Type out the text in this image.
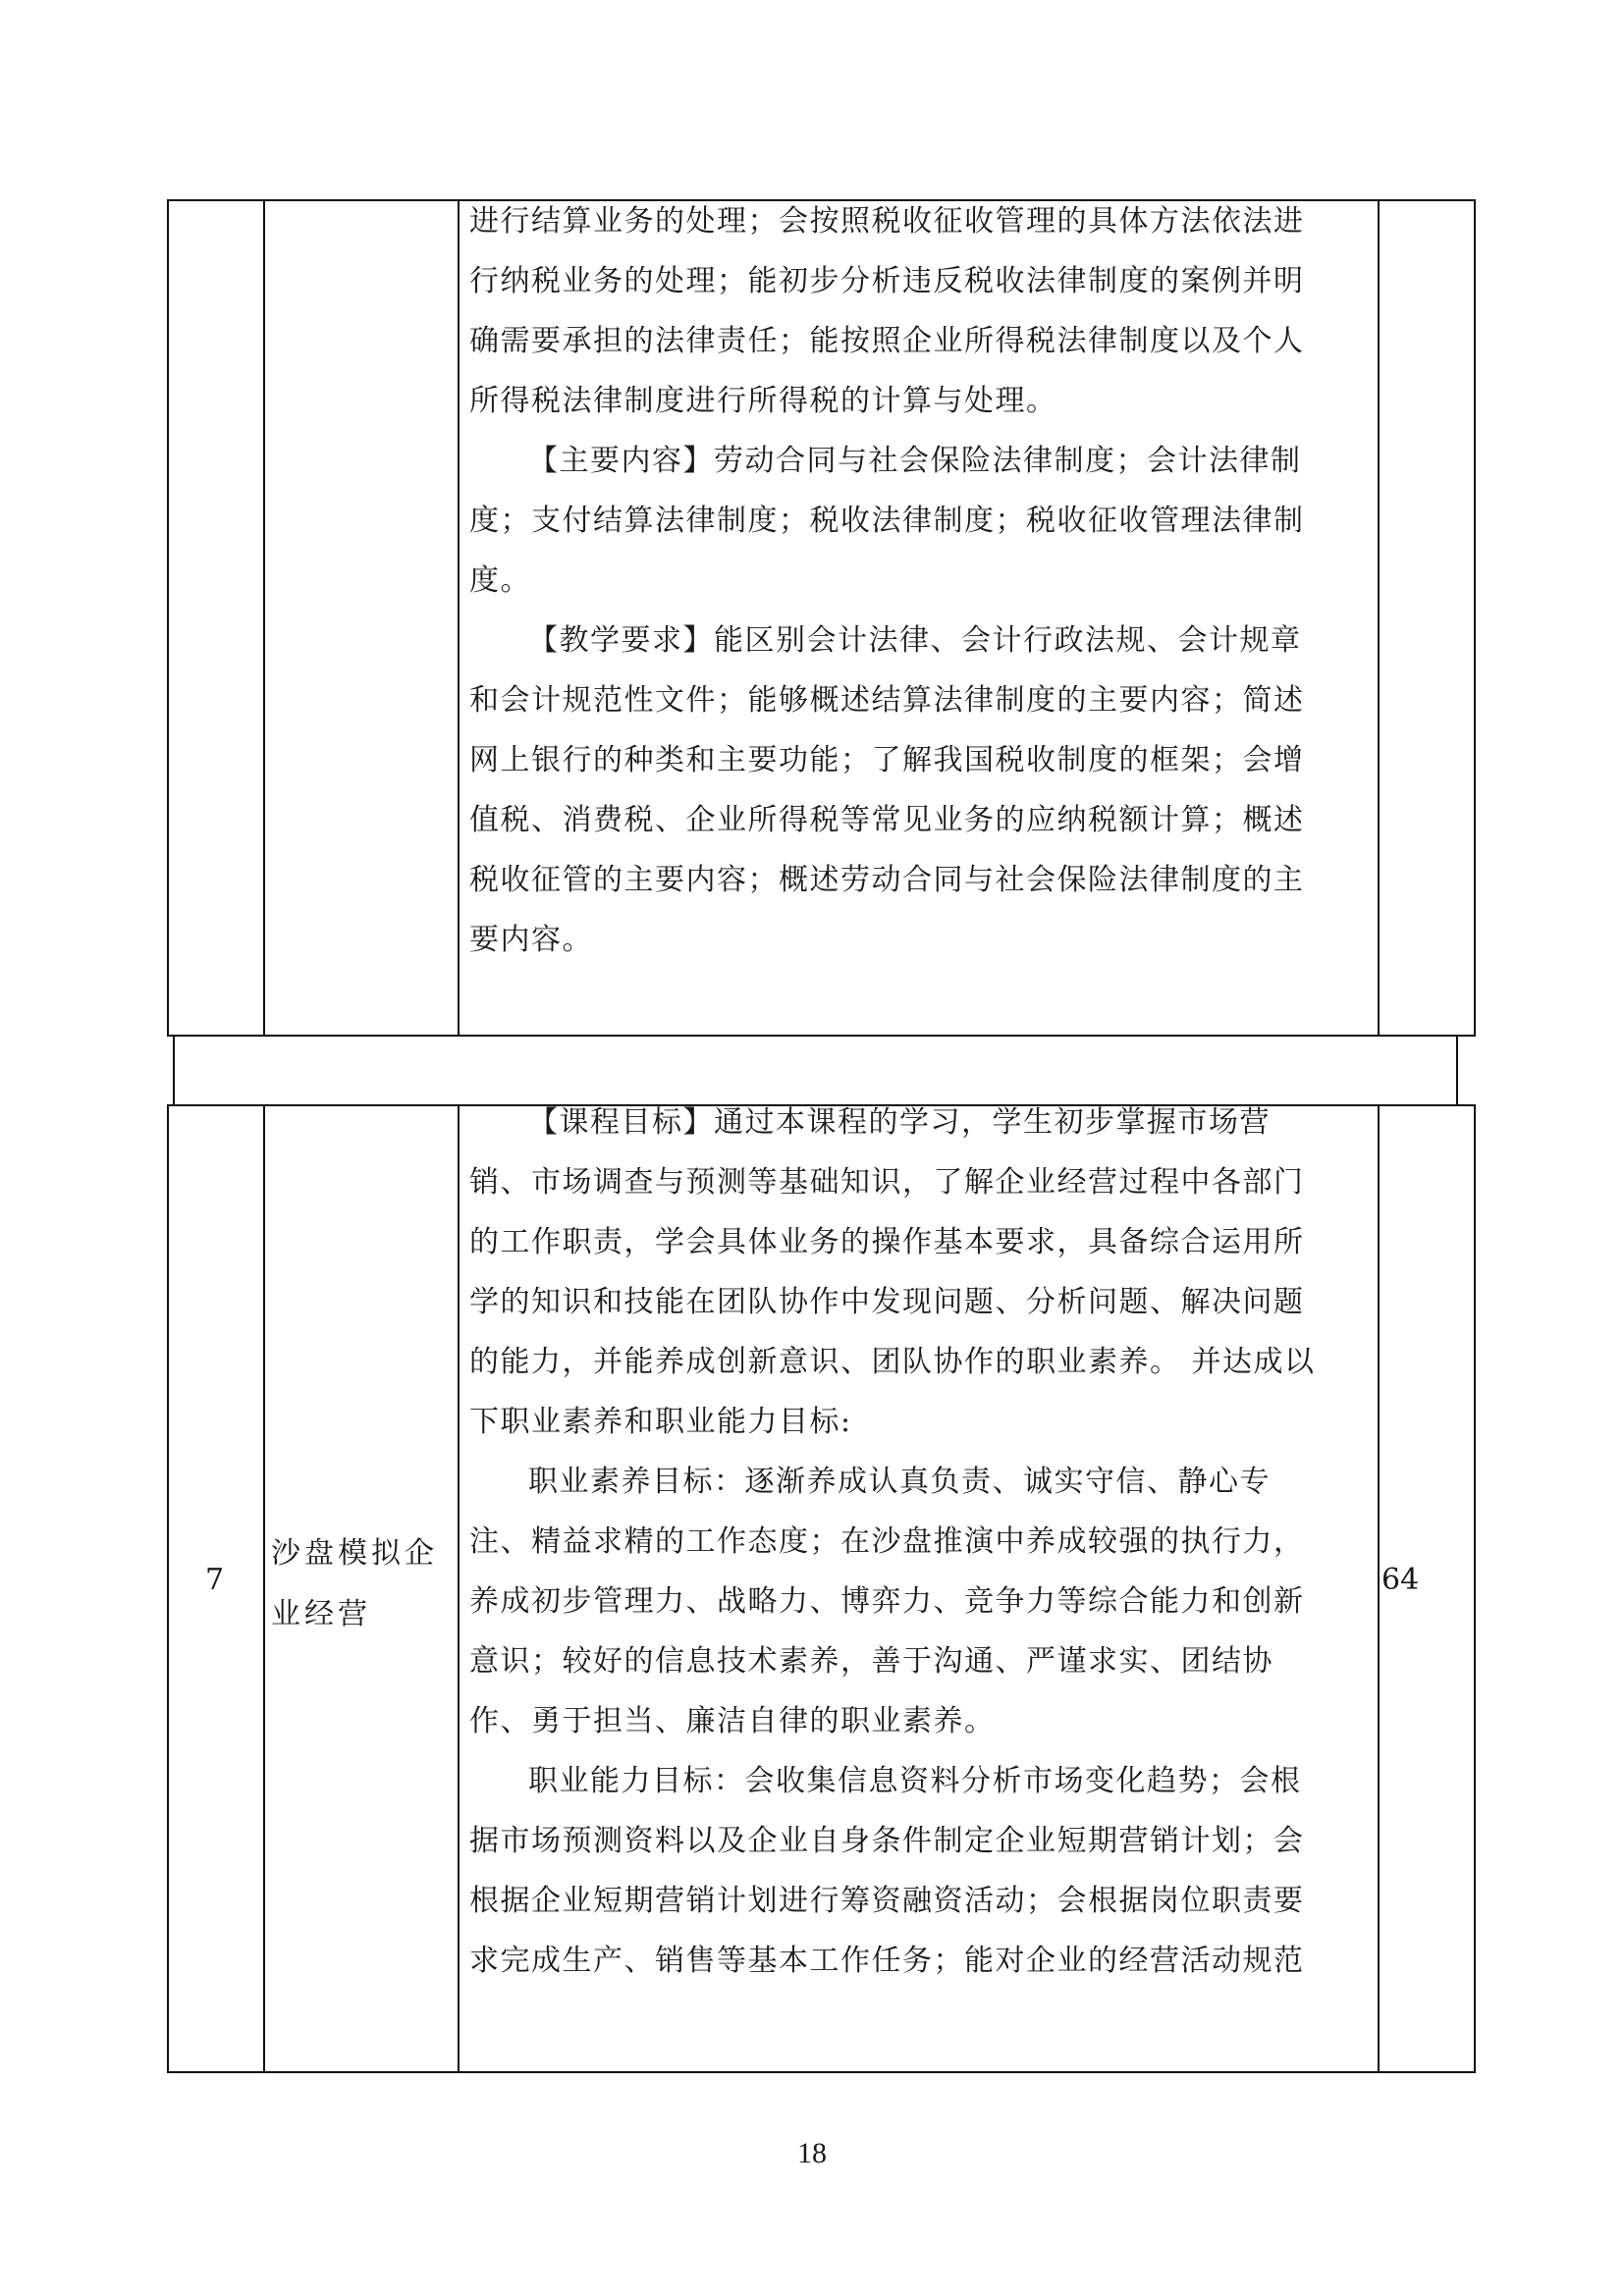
进行结算业务的处理；会按照税收征收管理的具体方法依法进
行纳税业务的处理；能初步分析违反税收法律制度的案例并明
确需要承担的法律责任；能按照企业所得税法律制度以及个人
所得税法律制度进行所得税的计算与处理。
【主要内容】劳动合同与社会保险法律制度；会计法律制
度；支付结算法律制度；税收法律制度；税收征收管理法律制
度。
【教学要求】能区别会计法律、会计行政法规、会计规章
和会计规范性文件；能够概述结算法律制度的主要内容；简述
网上银行的种类和主要功能；了解我国税收制度的框架；会增
值税、消费税、企业所得税等常见业务的应纳税额计算；概述
税收征管的主要内容；概述劳动合同与社会保险法律制度的主
要内容。
7
沙盘模拟企
业经营
【课程目标】通过本课程的学习，学生初步掌握市场营
销、市场调查与预测等基础知识，了解企业经营过程中各部门
的工作职责，学会具体业务的操作基本要求，具备综合运用所
学的知识和技能在团队协作中发现问题、分析问题、解决问题
的能力，并能养成创新意识、团队协作的职业素养。 并达成以
下职业素养和职业能力目标:
职业素养目标：逐渐养成认真负责、诚实守信、静心专
注、精益求精的工作态度；在沙盘推演中养成较强的执行力，
养成初步管理力、战略力、博弈力、竞争力等综合能力和创新
意识；较好的信息技术素养，善于沟通、严谨求实、团结协
作、勇于担当、廉洁自律的职业素养。
职业能力目标：会收集信息资料分析市场变化趋势；会根
据市场预测资料以及企业自身条件制定企业短期营销计划；会
根据企业短期营销计划进行筹资融资活动；会根据岗位职责要
求完成生产、销售等基本工作任务；能对企业的经营活动规范
64
18
